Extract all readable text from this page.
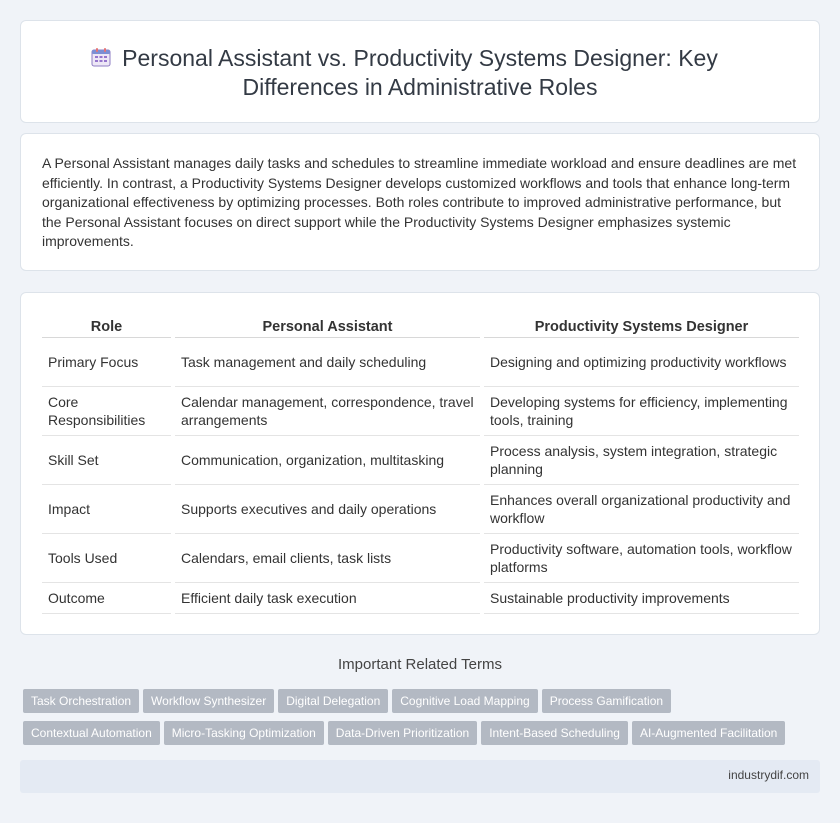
Personal Assistant vs. Productivity Systems Designer: Key Differences in Administrative Roles

A Personal Assistant manages daily tasks and schedules to streamline immediate workload and ensure deadlines are met efficiently. In contrast, a Productivity Systems Designer develops customized workflows and tools that enhance long-term organizational effectiveness by optimizing processes. Both roles contribute to improved administrative performance, but the Personal Assistant focuses on direct support while the Productivity Systems Designer emphasizes systemic improvements.

Role	Personal Assistant	Productivity Systems Designer
Primary Focus	Task management and daily scheduling	Designing and optimizing productivity workflows
Core Responsibilities	Calendar management, correspondence, travel arrangements	Developing systems for efficiency, implementing tools, training
Skill Set	Communication, organization, multitasking	Process analysis, system integration, strategic planning
Impact	Supports executives and daily operations	Enhances overall organizational productivity and workflow
Tools Used	Calendars, email clients, task lists	Productivity software, automation tools, workflow platforms
Outcome	Efficient daily task execution	Sustainable productivity improvements
Important Related Terms
Task Orchestration Workflow Synthesizer Digital Delegation Cognitive Load Mapping Process Gamification
Contextual Automation Micro-Tasking Optimization Data-Driven Prioritization Intent-Based Scheduling AI-Augmented Facilitation
industrydif.com
